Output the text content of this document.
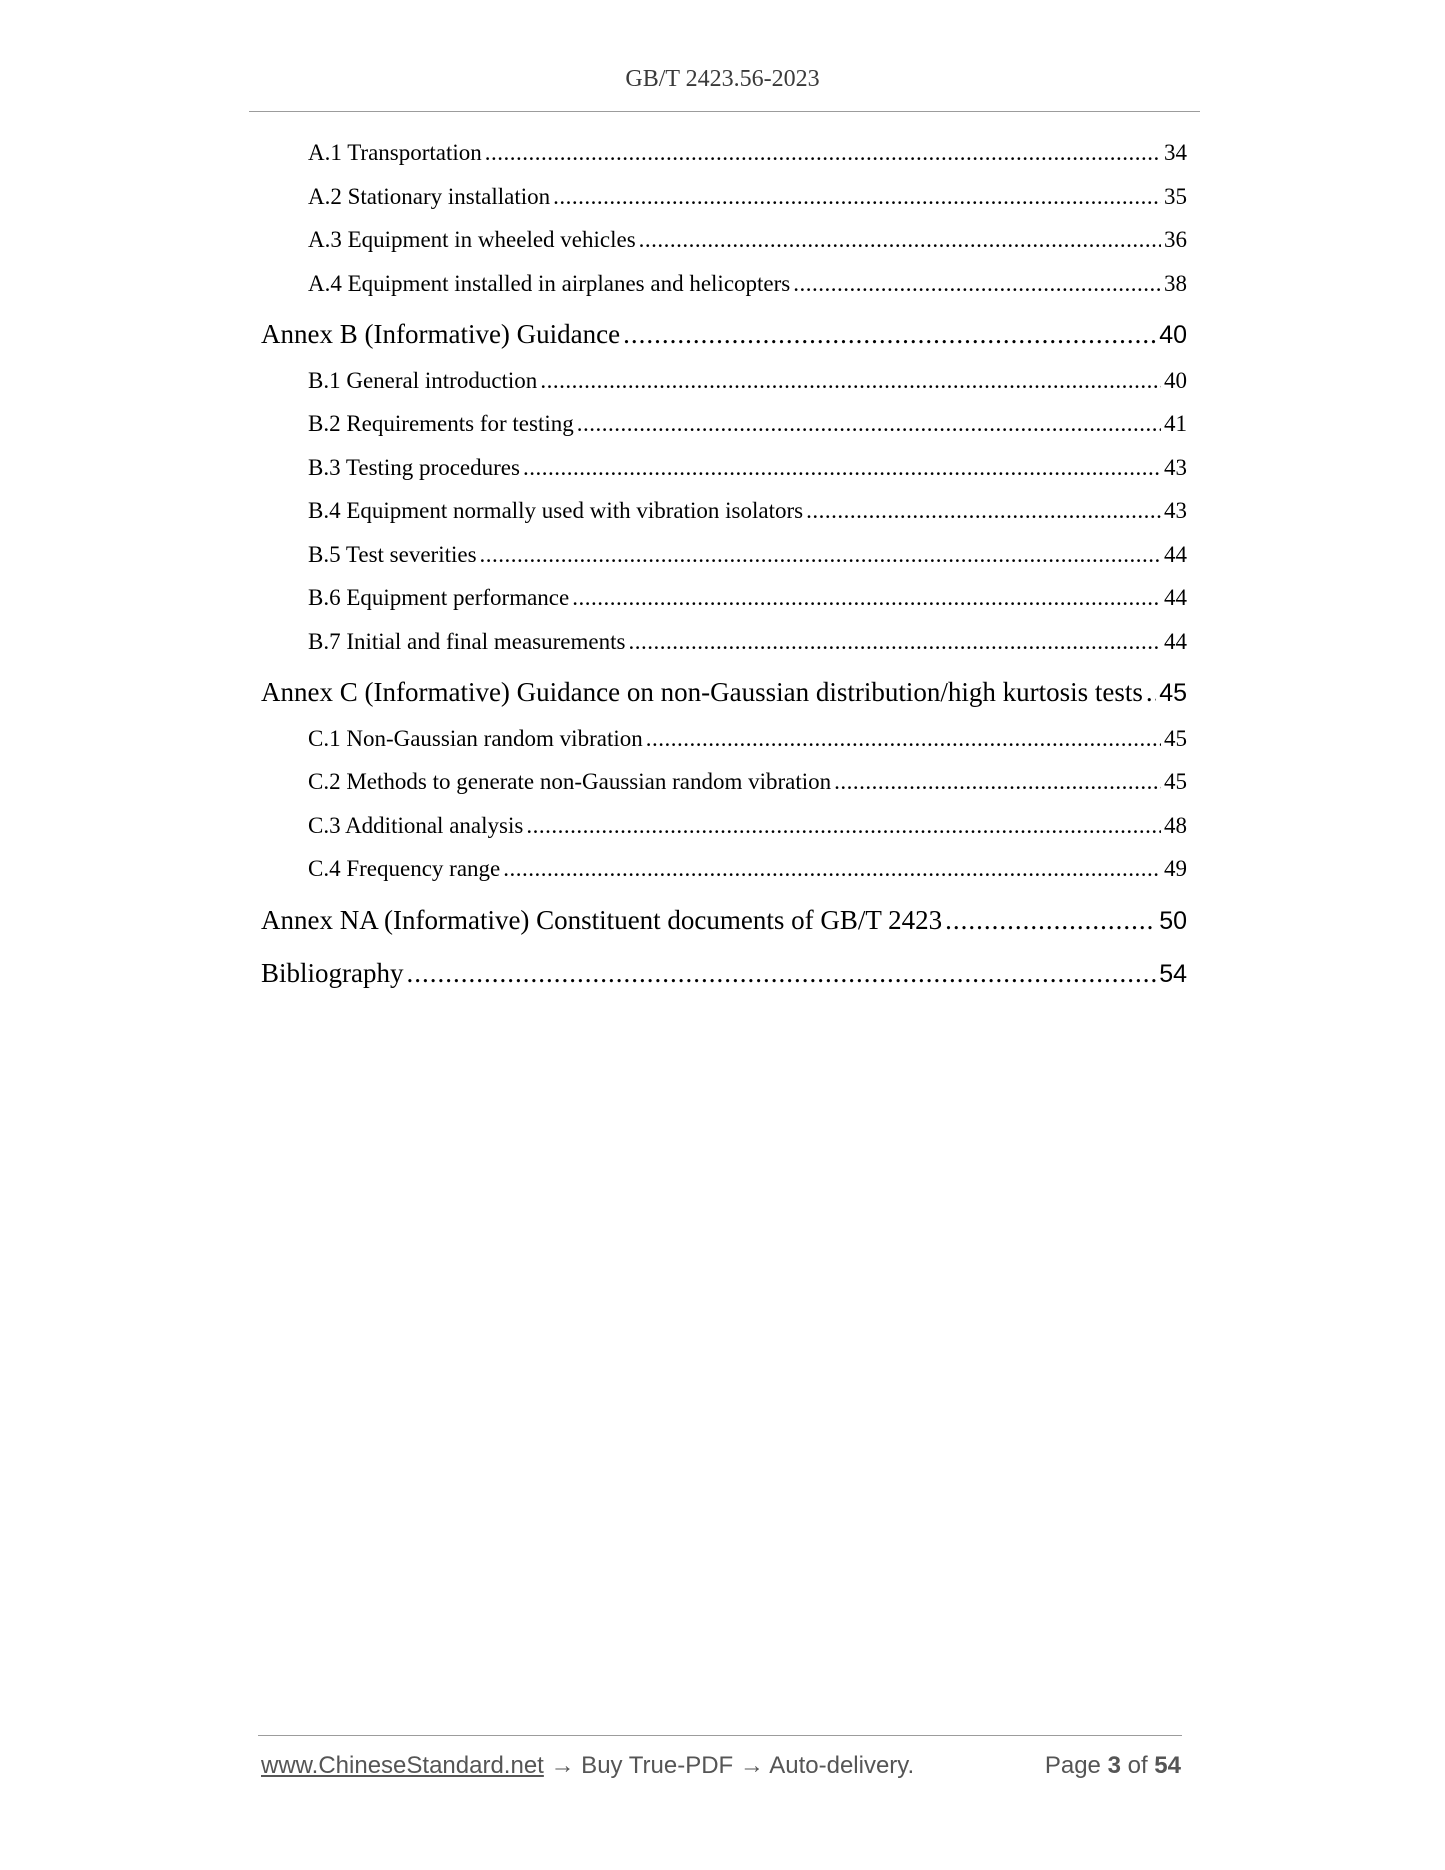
GB/T 2423.56-2023
A.1 Transportation .....	34
A.2 Stationary installation .....	35
A.3 Equipment in wheeled vehicles .....	36
A.4 Equipment installed in airplanes and helicopters .....	38
Annex B (Informative) Guidance .....	40
B.1 General introduction .....	40
B.2 Requirements for testing .....	41
B.3 Testing procedures .....	43
B.4 Equipment normally used with vibration isolators .....	43
B.5 Test severities .....	44
B.6 Equipment performance .....	44
B.7 Initial and final measurements .....	44
Annex C (Informative) Guidance on non-Gaussian distribution/high kurtosis tests ..... 45
C.1 Non-Gaussian random vibration .....	45
C.2 Methods to generate non-Gaussian random vibration .....	45
C.3 Additional analysis .....	48
C.4 Frequency range .....	49
Annex NA (Informative) Constituent documents of GB/T 2423 .....	50
Bibliography .....	54
www.ChineseStandard.net → Buy True-PDF → Auto-delivery.	Page 3 of 54
